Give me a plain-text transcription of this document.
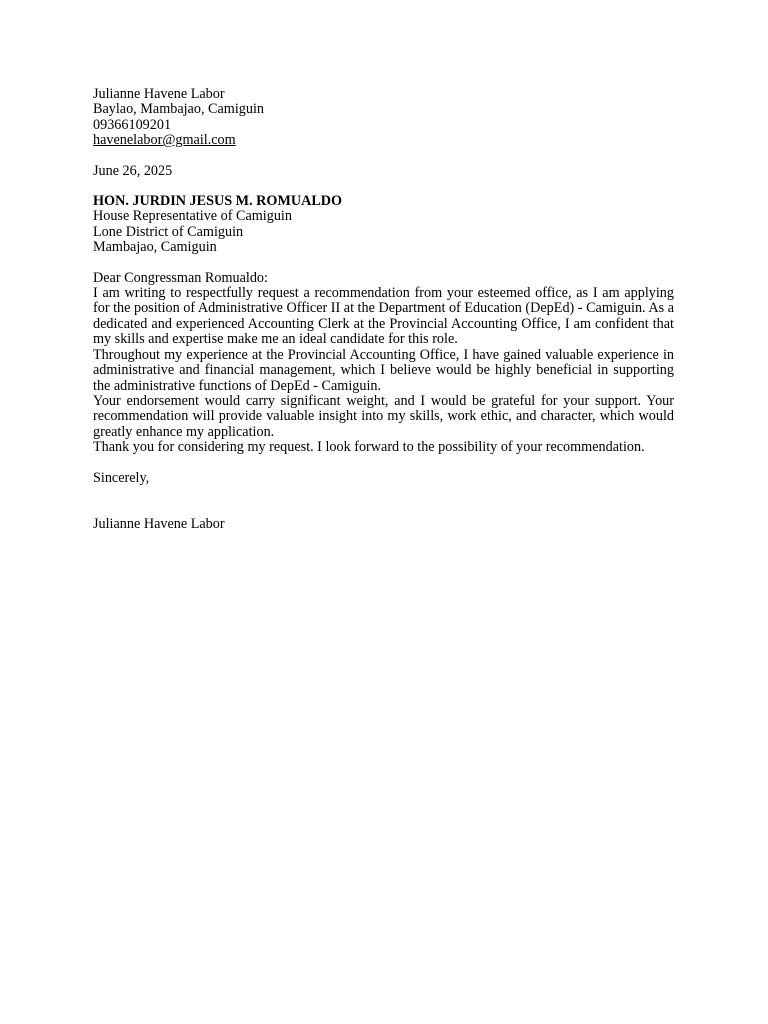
Julianne Havene Labor
Baylao, Mambajao, Camiguin
09366109201
havenelabor@gmail.com
June 26, 2025
HON. JURDIN JESUS M. ROMUALDO
House Representative of Camiguin
Lone District of Camiguin
Mambajao, Camiguin
Dear Congressman Romualdo:

I am writing to respectfully request a recommendation from your esteemed office, as I am applying for the position of Administrative Officer II at the Department of Education (DepEd) - Camiguin. As a dedicated and experienced Accounting Clerk at the Provincial Accounting Office, I am confident that my skills and expertise make me an ideal candidate for this role.

Throughout my experience at the Provincial Accounting Office, I have gained valuable experience in administrative and financial management, which I believe would be highly beneficial in supporting the administrative functions of DepEd - Camiguin.

Your endorsement would carry significant weight, and I would be grateful for your support. Your recommendation will provide valuable insight into my skills, work ethic, and character, which would greatly enhance my application.

Thank you for considering my request. I look forward to the possibility of your recommendation.

Sincerely,
Julianne Havene Labor
